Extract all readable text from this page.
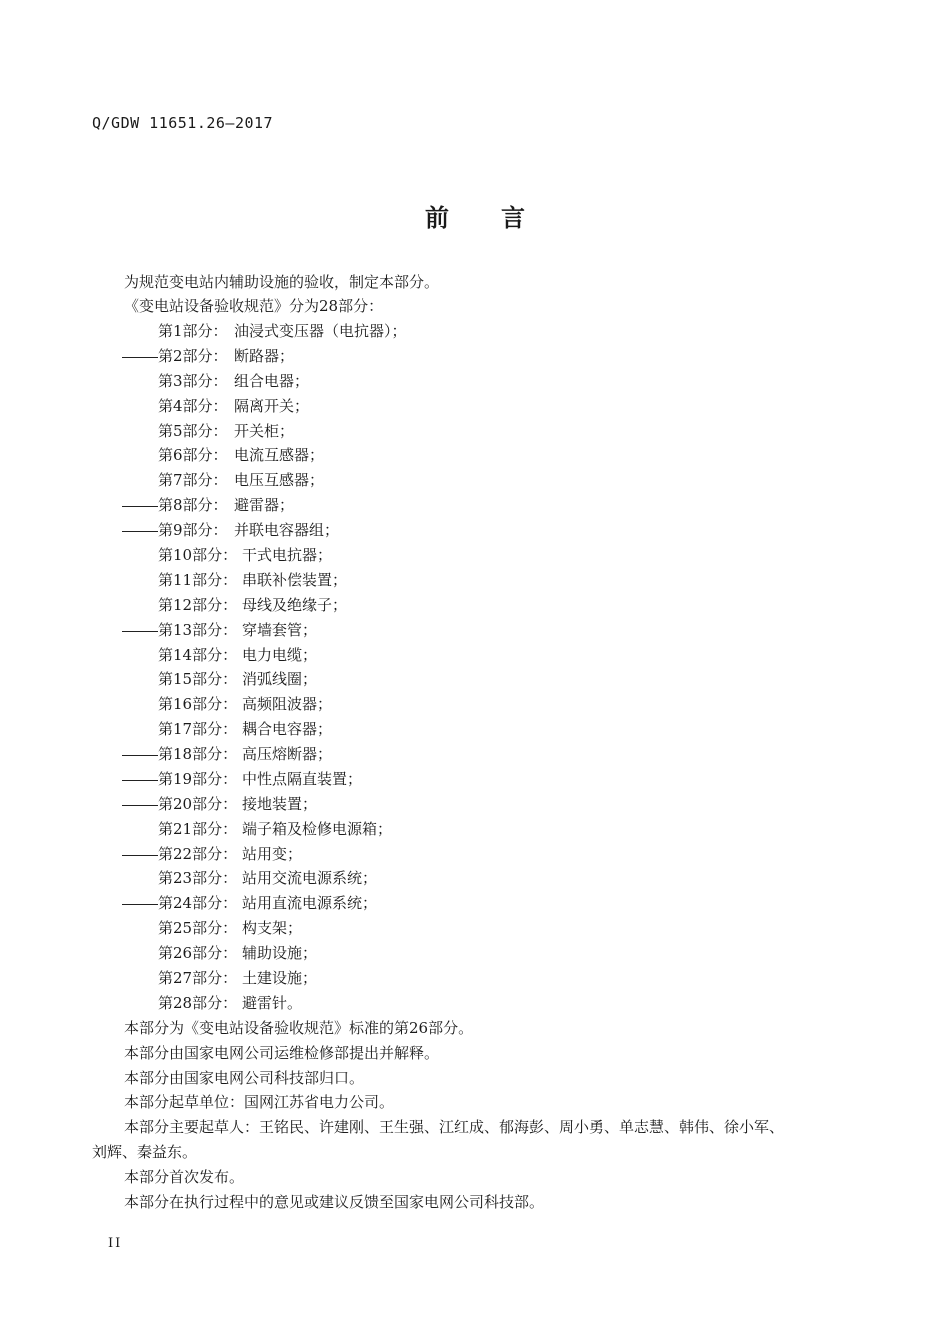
Q/GDW 11651.26—2017
前 言
为规范变电站内辅助设施的验收，制定本部分。
《变电站设备验收规范》分为28部分：
第1部分： 油浸式变压器（电抗器）；
第2部分： 断路器；
第3部分： 组合电器；
第4部分： 隔离开关；
第5部分： 开关柜；
第6部分： 电流互感器；
第7部分： 电压互感器；
第8部分： 避雷器；
第9部分： 并联电容器组；
第10部分： 干式电抗器；
第11部分： 串联补偿装置；
第12部分： 母线及绝缘子；
第13部分： 穿墙套管；
第14部分： 电力电缆；
第15部分： 消弧线圈；
第16部分： 高频阻波器；
第17部分： 耦合电容器；
第18部分： 高压熔断器；
第19部分： 中性点隔直装置；
第20部分： 接地装置；
第21部分： 端子箱及检修电源箱；
第22部分： 站用变；
第23部分： 站用交流电源系统；
第24部分： 站用直流电源系统；
第25部分： 构支架；
第26部分： 辅助设施；
第27部分： 土建设施；
第28部分： 避雷针。
本部分为《变电站设备验收规范》标准的第26部分。
本部分由国家电网公司运维检修部提出并解释。
本部分由国家电网公司科技部归口。
本部分起草单位：国网江苏省电力公司。
本部分主要起草人：王铭民、许建刚、王生强、江红成、郁海彭、周小勇、单志慧、韩伟、徐小军、
刘辉、秦益东。
本部分首次发布。
本部分在执行过程中的意见或建议反馈至国家电网公司科技部。
II
